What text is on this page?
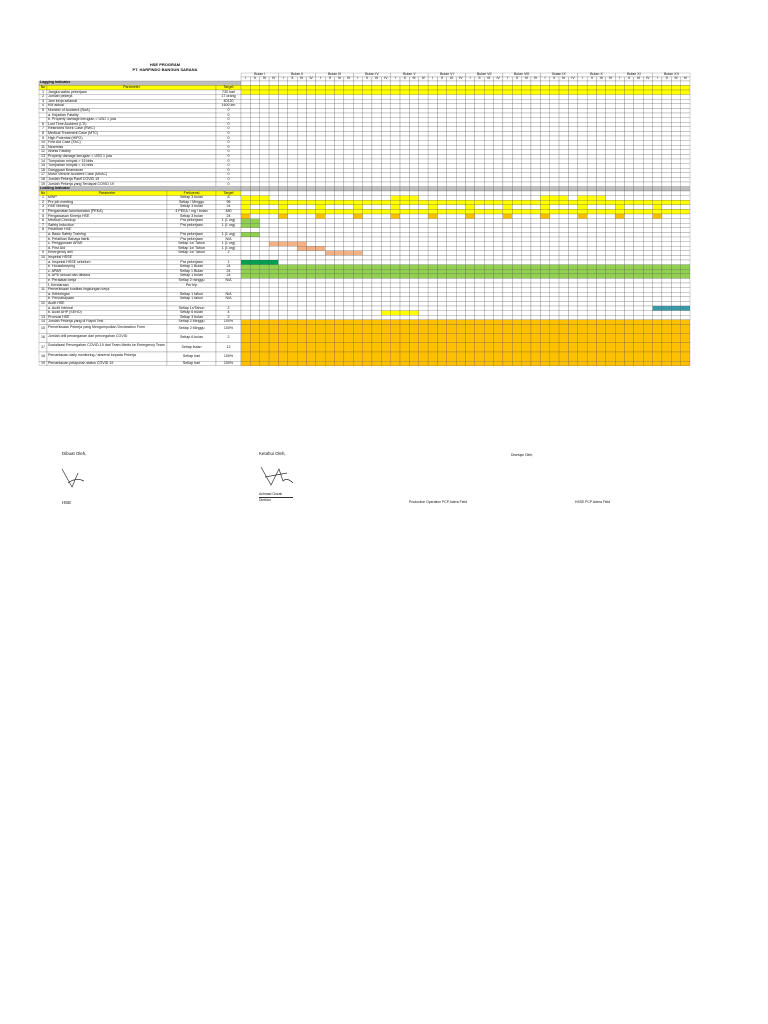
HSE PROGRAM
PT. HARFINDO BANGUN SARANA
Bulan I	Bulan II	Bulan III	Bulan IV	Bulan V	Bulan VI	Bulan VII	Bulan VIII	Bulan IX	Bulan X	Bulan XI	Bulan XII
I	II	III	IV	I	II	III	IV	I	II	III	IV	I	II	III	IV	I	II	III	IV	I	II	III	IV	I	II	III	IV	I	II	III	IV	I	II	III	IV	I	II	III	IV	I	II	III	IV	I	II	III	IV
Lagging Indicator
No	Parameter	Target
1	Jangka waktu pekerjaan	730 hari
2	Jumlah pekerja	17 orang
3	Jam kerja selamat	40120
4	KM aktual	1600 km
5	Number of Accident (NoA)	0
a. Kejadian Fatality	0
b. Property damage kerugian > USD 1 juta	0
6	Lost Time Accident (LTI)	0
7	Restricted Work Case (RWC)	0
8	Medical Treatment Case (MTC)	0
9	High Potential (HIPO)	0
10 First Aid Case (FAC)	0
11 Nearmiss	0
12 Illness Fatality	0
13 Property damage kerugian < USD 1 juta	0
14 Tumpahan minyak > 15 bbls	0
15 Tumpahan minyak < 15 bbls	0
16 Gangguan Keamanan	0
17 Motor Vehicle Accident Case (MVAC)	0
18 Jumlah Pekerja Pasif COVID 19	0
19 Jumlah Pekerja yang Terdapat COVID 19	0
Leading Indicator
No	Parameter	Frekuensi	Target
1	MWP	Setiap 3 bulan	8
2	Pre job meeting	Setiap / Minggu	96
3	HSE Meeting	Setiap 3 bulan	24
4	Pengamatan keselamatan (PEKA)	4 PEKA / org / bulan	480
5	Pengawasan Kinerja HSE	Setiap 3 bulan	24
6	Medical Checkup	Pra pekerjaan	1 (1 org)
7	Safety Induction	Pra pekerjaan	1 (1 org)
8	Pelatihan HSE
a. Basic Safety Training	Pra pekerjaan	1 (1 org)
b. Pelatihan Bahaya listrik	Pra pekerjaan	N/A
c. Penggunaan APAR	Setiap 1x/ Tahun	1 (1 org)
d. First Aid	Setiap 1x/ Tahun	1 (1 org)
9	Emergency drill	Setiap 1x/ Tahun	2
10 Inspeksi HSSE
a. Inspeksi HSSE sebelum	Pra pekerjaan	1
b. Housekeeping	Setiap 1 Bulan	24
c. APAR	Setiap 1 Bulan	24
d. APD sesuai dan dibawa	Setiap 1 bulan	24
e. Peralatan kerja	Setiap 2 minggu	N/A
f. Kendaraan	Per trip
11 Pemeriksaan kualitas lingkungan kerja
a. Kebisingan	Setiap 1 tahun	N/A
b. Pencahayaan	Setiap 1 tahun	N/A
12 Audit HSE
a. Audit Internal	Setiap 1x/Tahun	2
b. Audit AHP (SEHO)	Setiap 6 bulan	4
13 Promosi HSE	Setiap 3 bulan	2
14 Jumlah Pekerja yang di Rapid Test	Setiap 2 Minggu	100%
15 Pemeriksaan Pekerja yang Mengumpulkan Declaration Form	Setiap 2 Minggu	100%
16 Jumlah drill penanganan dan pencegahan COVID	Setiap 6 bulan	2
17 Sosialisasi Pencegahan COVID-19 dari Team Medis ke Emergency Team	Setiap bulan	12
18 Pemantauan daily monitoring / absensi kepada Pekerja	Setiap hari	100%
19 Pemantauan pelaporan status COVID 19	Setiap hari	100%
Dibuat Oleh,
HSE
Ketahui Oleh,
Achmad Gozali
Direktur
Disetujui Oleh,
Production Operation PCP Adera Field	HSSE PCP Adera Field
